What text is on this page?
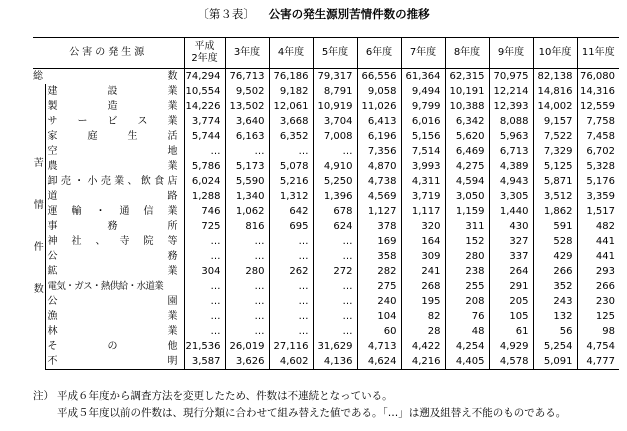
〔第３表〕 公害の発生源別苦情件数の推移
公害の発生源		平成
2年度	3年度	4年度	5年度	6年度	7年度	8年度	9年度	10年度	11年度
総数		74,294	76,713	76,186	79,317	66,556	61,364	62,315	70,975	82,138	76,080

苦
情
件
数	建設業	10,554	9,502	9,182	8,791	9,058	9,494	10,191	12,214	14,816	14,316
	製造業	14,226	13,502	12,061	10,919	11,026	9,799	10,388	12,393	14,002	12,559
	サービス業	3,774	3,640	3,668	3,704	6,413	6,016	6,342	8,088	9,157	7,758
	家庭生活	5,744	6,163	6,352	7,008	6,196	5,156	5,620	5,963	7,522	7,458
	空地	…	…	…	…	7,356	7,514	6,469	6,713	7,329	6,702
	農業	5,786	5,173	5,078	4,910	4,870	3,993	4,275	4,389	5,125	5,328
	卸売・小売業、飲食店	6,024	5,590	5,216	5,250	4,738	4,311	4,594	4,943	5,871	5,176
	道路	1,288	1,340	1,312	1,396	4,569	3,719	3,050	3,305	3,512	3,359
	運輸・通信業	746	1,062	642	678	1,127	1,117	1,159	1,440	1,862	1,517
	事務所	725	816	695	624	378	320	311	430	591	482
	神社、寺院等	…	…	…	…	169	164	152	327	528	441
	公務	…	…	…	…	358	309	280	337	429	441
	鉱業	304	280	262	272	282	241	238	264	266	293
	電気・ガス・熱供給・水道業	…	…	…	…	275	268	255	291	352	266
	公園	…	…	…	…	240	195	208	205	243	230
	漁業	…	…	…	…	104	82	76	105	132	125
	林業	…	…	…	…	60	28	48	61	56	98
	その他	21,536	26,019	27,116	31,629	4,713	4,422	4,254	4,929	5,254	4,754
	不明	3,587	3,626	4,602	4,136	4,624	4,216	4,405	4,578	5,091	4,777
注） 平成６年度から調査方法を変更したため、件数は不連続となっている。
平成５年度以前の件数は、現行分類に合わせて組み替えた値である。「…」は遡及組替え不能のものである。
